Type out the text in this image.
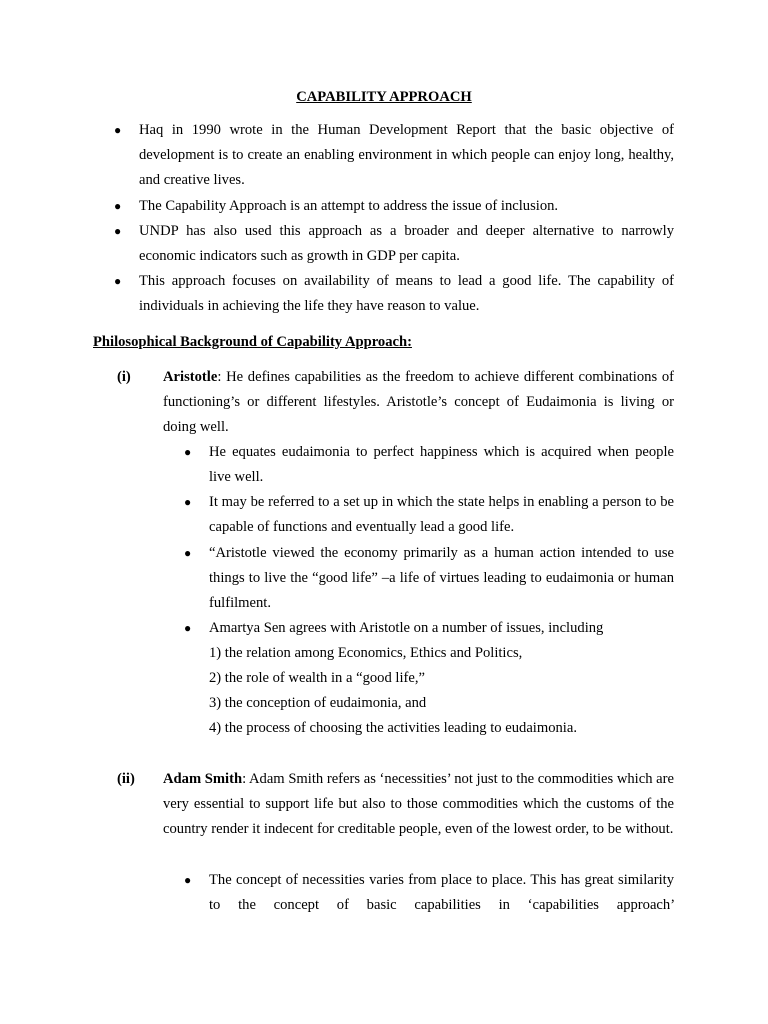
CAPABILITY APPROACH
● Haq in 1990 wrote in the Human Development Report that the basic objective of development is to create an enabling environment in which people can enjoy long, healthy, and creative lives.

● The Capability Approach is an attempt to address the issue of inclusion.

● UNDP has also used this approach as a broader and deeper alternative to narrowly economic indicators such as growth in GDP per capita.

● This approach focuses on availability of means to lead a good life. The capability of individuals in achieving the life they have reason to value.

Philosophical Background of Capability Approach:
(i) Aristotle: He defines capabilities as the freedom to achieve different combinations of functioning’s or different lifestyles. Aristotle’s concept of Eudaimonia is living or doing well.
● He equates eudaimonia to perfect happiness which is acquired when people live well.
● It may be referred to a set up in which the state helps in enabling a person to be capable of functions and eventually lead a good life.
● “Aristotle viewed the economy primarily as a human action intended to use things to live the “good life” –a life of virtues leading to eudaimonia or human fulfilment.
● Amartya Sen agrees with Aristotle on a number of issues, including
1) the relation among Economics, Ethics and Politics,
2) the role of wealth in a “good life,”
3) the conception of eudaimonia, and
4) the process of choosing the activities leading to eudaimonia.
(ii) Adam Smith: Adam Smith refers as ‘necessities’ not just to the commodities which are very essential to support life but also to those commodities which the customs of the country render it indecent for creditable people, even of the lowest order, to be without.
● The concept of necessities varies from place to place. This has great similarity to the concept of basic capabilities in ‘capabilities approach’
